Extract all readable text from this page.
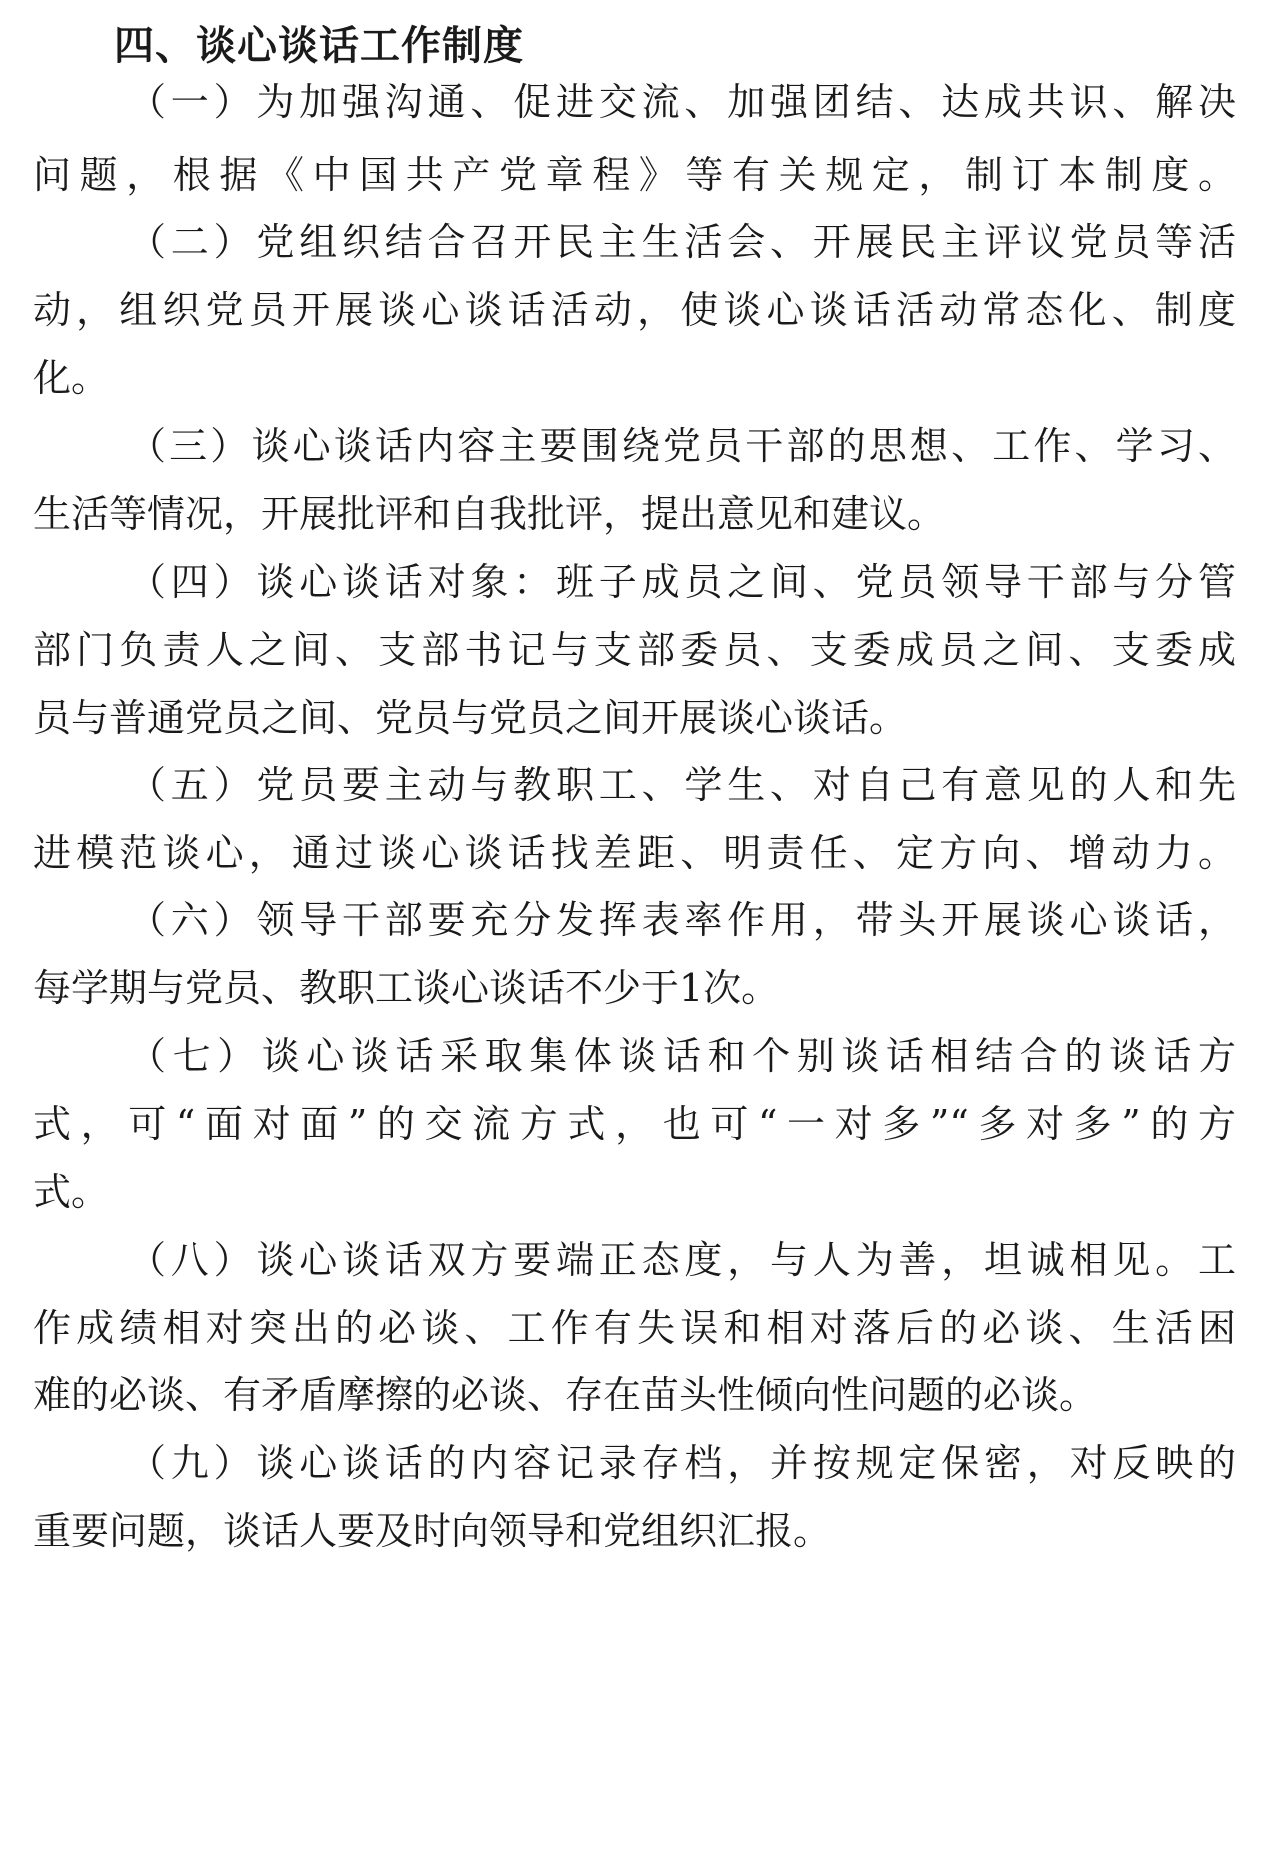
四、谈心谈话工作制度
（一）为加强沟通、促进交流、加强团结、达成共识、解决
问题，根据《中国共产党章程》等有关规定，制订本制度。
（二）党组织结合召开民主生活会、开展民主评议党员等活
动，组织党员开展谈心谈话活动，使谈心谈话活动常态化、制度
化。
（三）谈心谈话内容主要围绕党员干部的思想、工作、学习、
生活等情况，开展批评和自我批评，提出意见和建议。
（四）谈心谈话对象：班子成员之间、党员领导干部与分管
部门负责人之间、支部书记与支部委员、支委成员之间、支委成
员与普通党员之间、党员与党员之间开展谈心谈话。
（五）党员要主动与教职工、学生、对自己有意见的人和先
进模范谈心，通过谈心谈话找差距、明责任、定方向、增动力。
（六）领导干部要充分发挥表率作用，带头开展谈心谈话，
每学期与党员、教职工谈心谈话不少于1次。
（七）谈心谈话采取集体谈话和个别谈话相结合的谈话方
式，可“面对面”的交流方式，也可“一对多”“多对多”的方
式。
（八）谈心谈话双方要端正态度，与人为善，坦诚相见。工
作成绩相对突出的必谈、工作有失误和相对落后的必谈、生活困
难的必谈、有矛盾摩擦的必谈、存在苗头性倾向性问题的必谈。
（九）谈心谈话的内容记录存档，并按规定保密，对反映的
重要问题，谈话人要及时向领导和党组织汇报。
